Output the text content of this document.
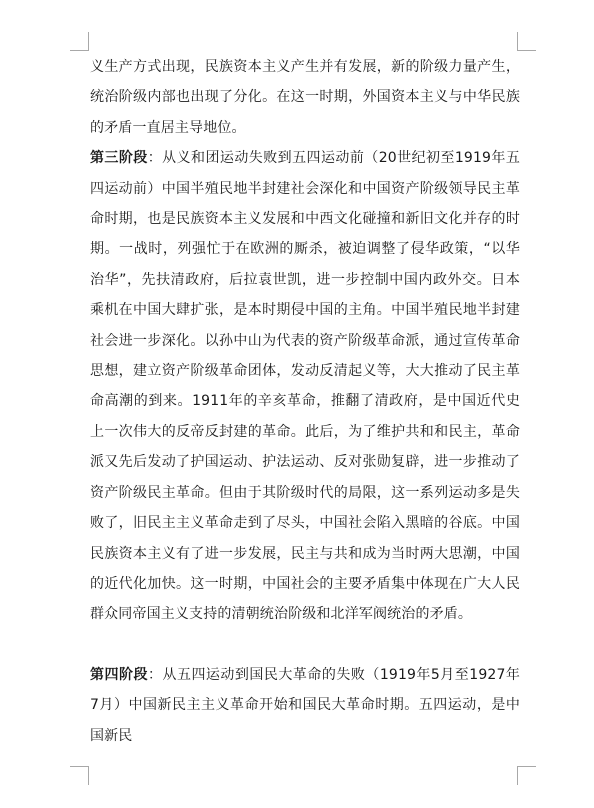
义生产方式出现，民族资本主义产生并有发展，新的阶级力量产生，统治阶级内部也出现了分化。在这一时期，外国资本主义与中华民族的矛盾一直居主导地位。

第三阶段：从义和团运动失败到五四运动前（20世纪初至1919年五四运动前）中国半殖民地半封建社会深化和中国资产阶级领导民主革命时期，也是民族资本主义发展和中西文化碰撞和新旧文化并存的时期。一战时，列强忙于在欧洲的厮杀，被迫调整了侵华政策，“以华治华”，先扶清政府，后拉袁世凯，进一步控制中国内政外交。日本乘机在中国大肆扩张，是本时期侵中国的主角。中国半殖民地半封建社会进一步深化。以孙中山为代表的资产阶级革命派，通过宣传革命思想，建立资产阶级革命团体，发动反清起义等，大大推动了民主革命高潮的到来。1911年的辛亥革命，推翻了清政府，是中国近代史上一次伟大的反帝反封建的革命。此后，为了维护共和和民主，革命派又先后发动了护国运动、护法运动、反对张勋复辟，进一步推动了资产阶级民主革命。但由于其阶级时代的局限，这一系列运动多是失败了，旧民主主义革命走到了尽头，中国社会陷入黑暗的谷底。中国民族资本主义有了进一步发展，民主与共和成为当时两大思潮，中国的近代化加快。这一时期，中国社会的主要矛盾集中体现在广大人民群众同帝国主义支持的清朝统治阶级和北洋军阀统治的矛盾。

第四阶段：从五四运动到国民大革命的失败（1919年5月至1927年7月）中国新民主主义革命开始和国民大革命时期。五四运动，是中国新民
